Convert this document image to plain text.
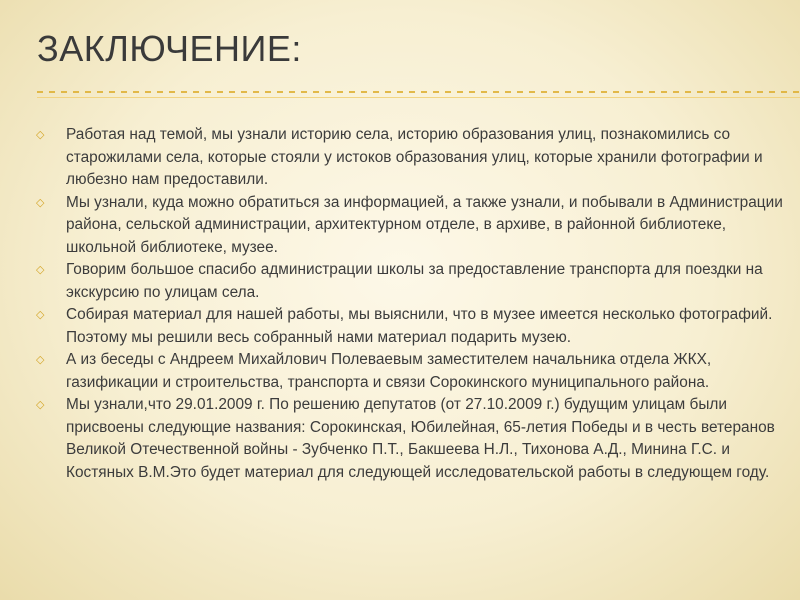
ЗАКЛЮЧЕНИЕ:
◇ Работая над темой, мы узнали историю села, историю образования улиц, познакомились со старожилами села, которые стояли у истоков образования улиц, которые хранили фотографии и любезно нам предоставили.
◇ Мы узнали, куда можно обратиться за информацией, а также узнали, и побывали в Администрации района, сельской администрации, архитектурном отделе, в архиве, в районной библиотеке, школьной библиотеке, музее.
◇ Говорим большое спасибо администрации школы за предоставление транспорта для поездки на экскурсию по улицам села.
◇ Собирая материал для нашей работы, мы выяснили, что в музее имеется несколько фотографий. Поэтому мы решили весь собранный нами материал подарить музею.
◇ А из беседы с Андреем Михайлович Полеваевым заместителем начальника отдела ЖКХ, газификации и строительства, транспорта и связи Сорокинского муниципального района.
◇ Мы узнали,что 29.01.2009 г. По решению депутатов (от 27.10.2009 г.) будущим улицам были присвоены следующие названия: Сорокинская, Юбилейная, 65-летия Победы и в честь ветеранов Великой Отечественной войны - Зубченко П.Т., Бакшеева Н.Л., Тихонова А.Д., Минина Г.С. и Костяных В.М.Это будет материал для следующей исследовательской работы в следующем году.
